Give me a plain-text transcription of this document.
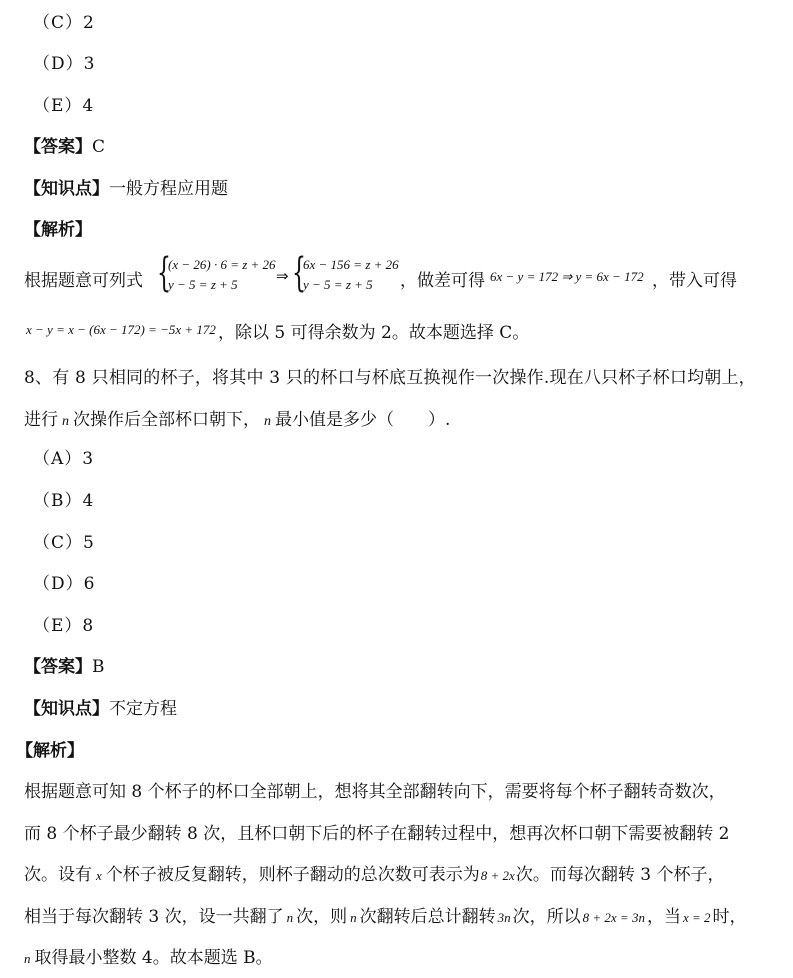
（C）2
（D）3
（E）4
【答案】C
【知识点】一般方程应用题
【解析】
根据题意可列式 {
(x − 26) · 6 = z + 26
y − 5 = z + 5	⇒ {
6x − 156 = z + 26
y − 5 = z + 5	，做差可得 6x − y = 172 ⇒ y = 6x − 172 ，带入可得
x − y = x − (6x − 172) = −5x + 172 ，除以 5 可得余数为 2。故本题选择 C。
8、有 8 只相同的杯子，将其中 3 只的杯口与杯底互换视作一次操作.现在八只杯子杯口均朝上，
进行 n 次操作后全部杯口朝下， n 最小值是多少（　　）.
（A）3
（B）4
（C）5
（D）6
（E）8
【答案】B
【知识点】不定方程
【解析】
根据题意可知 8 个杯子的杯口全部朝上，想将其全部翻转向下，需要将每个杯子翻转奇数次，
而 8 个杯子最少翻转 8 次，且杯口朝下后的杯子在翻转过程中，想再次杯口朝下需要被翻转 2
次。设有 x 个杯子被反复翻转，则杯子翻动的总次数可表示为8 + 2x次。而每次翻转 3 个杯子，
相当于每次翻转 3 次，设一共翻了 n 次，则 n 次翻转后总计翻转 3n 次，所以 8 + 2x = 3n ，当 x = 2 时，
n 取得最小整数 4。故本题选 B。
